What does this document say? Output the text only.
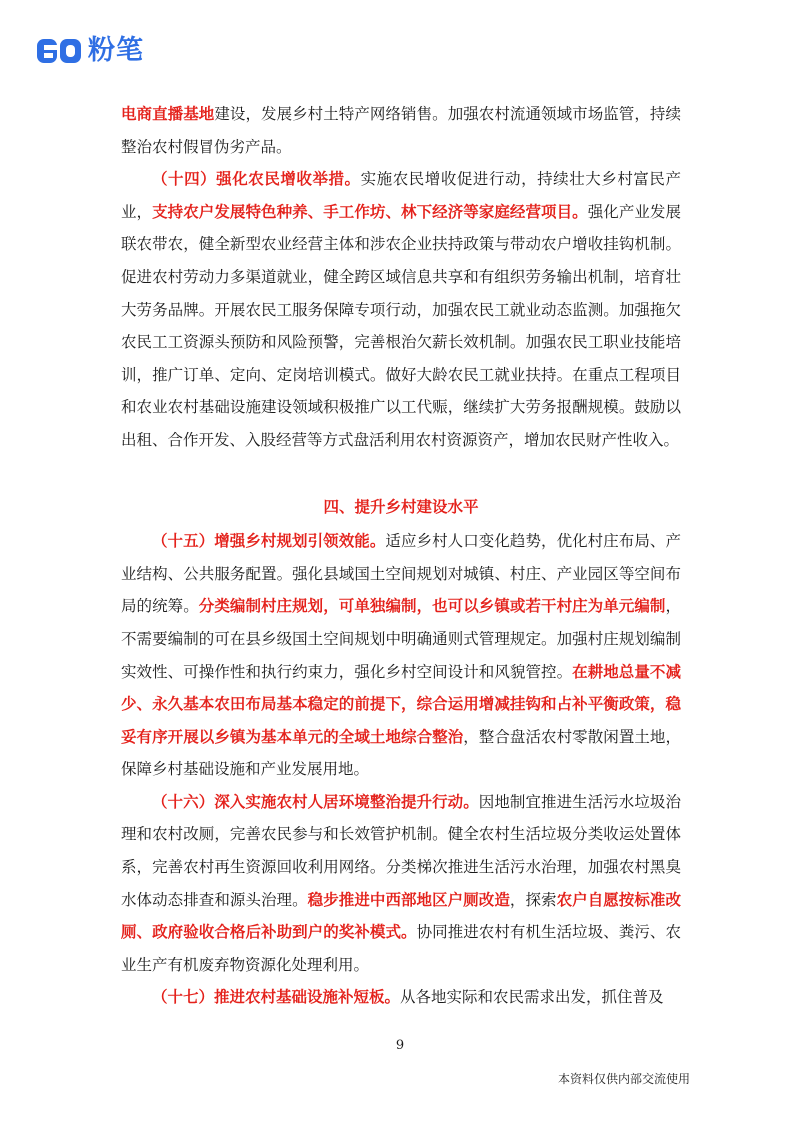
粉笔

电商直播基地建设，发展乡村土特产网络销售。加强农村流通领域市场监管，持续整治农村假冒伪劣产品。

（十四）强化农民增收举措。实施农民增收促进行动，持续壮大乡村富民产业，支持农户发展特色种养、手工作坊、林下经济等家庭经营项目。强化产业发展联农带农，健全新型农业经营主体和涉农企业扶持政策与带动农户增收挂钩机制。促进农村劳动力多渠道就业，健全跨区域信息共享和有组织劳务输出机制，培育壮大劳务品牌。开展农民工服务保障专项行动，加强农民工就业动态监测。加强拖欠农民工工资源头预防和风险预警，完善根治欠薪长效机制。加强农民工职业技能培训，推广订单、定向、定岗培训模式。做好大龄农民工就业扶持。在重点工程项目和农业农村基础设施建设领域积极推广以工代赈，继续扩大劳务报酬规模。鼓励以出租、合作开发、入股经营等方式盘活利用农村资源资产，增加农民财产性收入。

四、提升乡村建设水平

（十五）增强乡村规划引领效能。适应乡村人口变化趋势，优化村庄布局、产业结构、公共服务配置。强化县域国土空间规划对城镇、村庄、产业园区等空间布局的统筹。分类编制村庄规划，可单独编制，也可以乡镇或若干村庄为单元编制，不需要编制的可在县乡级国土空间规划中明确通则式管理规定。加强村庄规划编制实效性、可操作性和执行约束力，强化乡村空间设计和风貌管控。在耕地总量不减少、永久基本农田布局基本稳定的前提下，综合运用增减挂钩和占补平衡政策，稳妥有序开展以乡镇为基本单元的全域土地综合整治，整合盘活农村零散闲置土地，保障乡村基础设施和产业发展用地。

（十六）深入实施农村人居环境整治提升行动。因地制宜推进生活污水垃圾治理和农村改厕，完善农民参与和长效管护机制。健全农村生活垃圾分类收运处置体系，完善农村再生资源回收利用网络。分类梯次推进生活污水治理，加强农村黑臭水体动态排查和源头治理。稳步推进中西部地区户厕改造，探索农户自愿按标准改厕、政府验收合格后补助到户的奖补模式。协同推进农村有机生活垃圾、粪污、农业生产有机废弃物资源化处理利用。

（十七）推进农村基础设施补短板。从各地实际和农民需求出发，抓住普及

9
本资料仅供内部交流使用
